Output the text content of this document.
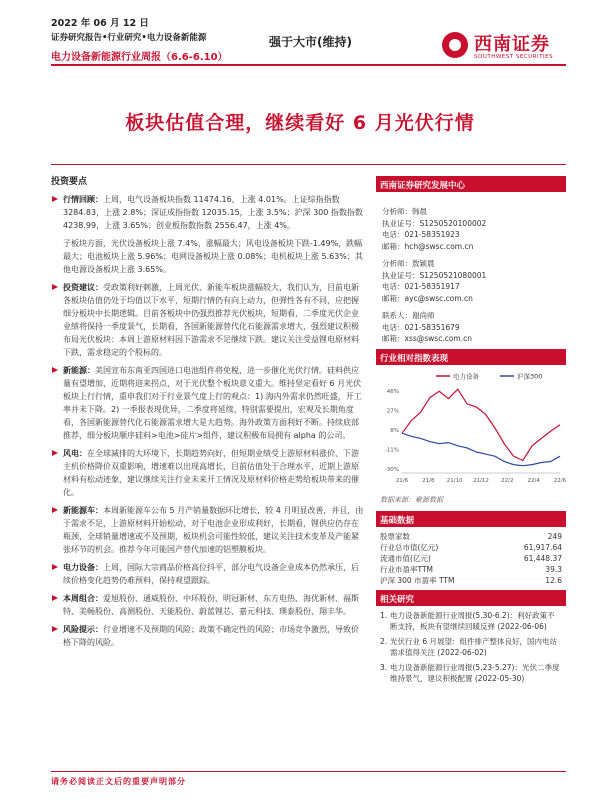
2022 年 06 月 12 日
证券研究报告•行业研究•电力设备新能源
电力设备新能源行业周报（6.6-6.10）
强于大市(维持)	西南证券
SOUTHWEST SECURITIES
板块估值合理，继续看好 6 月光伏行情
投资要点
行情回顾：上周，电气设备板块指数 11474.16，上涨 4.01%。上证综指指数 3284.83，上涨 2.8%；深证成指指数 12035.15，上涨 3.5%；沪深 300 指数指数 4238.99，上涨 3.65%；创业板指数指数 2556.47，上涨 4%。
子板块方面，光伏设备板块上涨 7.4%，涨幅最大；风电设备板块下跌-1.49%，跌幅最大；电池板块上涨 5.96%；电网设备板块上涨 0.08%；电机板块上涨 5.63%；其他电源设备板块上涨 3.65%。
投资建议：受政策利好刺激，上周光伏、新能车板块涨幅较大，我们认为，目前电新各板块估值仍处于均值以下水平，短期行情仍有向上动力，但弹性各有不同，应把握细分板块中长期逻辑。目前各板块中仍强烈推荐光伏板块，短期看，二季度光伏企业业绩将保持一季度景气，长期看，各国新能源替代化石能源需求增大，强烈建议积极布局光伏板块：本周上游原材料因下游需求不足继续下跌。建议关注受益锂电原材料下跌，需求稳定的个股标的。
新能源：美国宣布东南亚四国进口电池组件将免税，进一步催化光伏行情。硅料供应量有望增加，近期将迎来拐点，对于光伏整个板块意义重大。维持坚定看好 6 月光伏板块上行行情，重申我们对于行业景气度上行的观点：1) 海内外需求仍然旺盛，开工率并未下降。2) 一季报表现优异，二季度将延续，特别需要提出，宏观及长期角度看，各国新能源替代化石能源需求增大是大趋势。海外政策方面利好不断。持续底部推荐，细分板块顺序硅料>电池>硅片>组件，建议积极布局拥有 alpha 的公司。
风电：在全球减排的大环境下，长期趋势向好，但短期业绩受上游原材料涨价、下游主机价格降价双重影响，增速难以出现高增长，目前估值处于合理水平，近期上游原材料有松动迹象，建议继续关注行业未来开工情况及原材料价格走势给板块带来的催化。
新能源车：本周新能源车公布 5 月产销量数据环比增长，较 4 月明显改善，并且，由于需求不足，上游原材料开始松动，对于电池企业形成利好，长期看，锂供应仍存在瓶颈，全球销量增速或不及预期，板块机会可能性较低，建议关注技术变革及产能紧张环节的机会。推荐今年可能国产替代加速的铝塑膜板块。
电力设备：上周，国际大宗商品价格高位抖平，部分电气设备企业成本仍然承压，后续价格变化趋势仍难预料，保持观望跟踪。
本周组合：爱旭股份、通威股份、中环股份、明冠新材、东方电热、海优新材、福斯特、美畅股份、高测股份、天能股份、蔚蓝锂芯、嘉元科技、璞泰股份、翔丰华。
风险提示：行业增速不及预期的风险；政策不确定性的风险；市场竞争激烈，导致价格下降的风险。
西南证券研究发展中心
分析师：韩晨
执业证号：S1250520100002
电话：021-58351923
邮箱：hch@swsc.com.cn
分析师：敖颖晨
执业证号：S1250521080001
电话：021-58351917
邮箱：ayc@swsc.com.cn
联系人：谢尚师
电话：021-58351679
邮箱：xss@swsc.com.cn
行业相对指数表现
电力设备	沪深300
46%
27%
8%
-11%
-30%
21/6	21/8 21/10 21/12 22/2	22/4	22/6
数据来源：聚源数据
基础数据
股票家数	249
行业总市值(亿元)	61,917.64
流通市值(亿元)	61,448.37
行业市盈率TTM	39.3
沪深 300 市盈率 TTM	12.6
相关研究
1. 电力设备新能源行业周报(5.30-6.2)：利好政策不断支持，板块有望继续回暖反弹 (2022-06-06)
2. 光伏行业 6 月展望：组件排产整体良好，国内电站需求值得关注 (2022-06-02)
3. 电力设备新能源行业周报(5.23-5.27)：光伏二季度维持景气，建议积极配置 (2022-05-30)
请务必阅读正文后的重要声明部分
